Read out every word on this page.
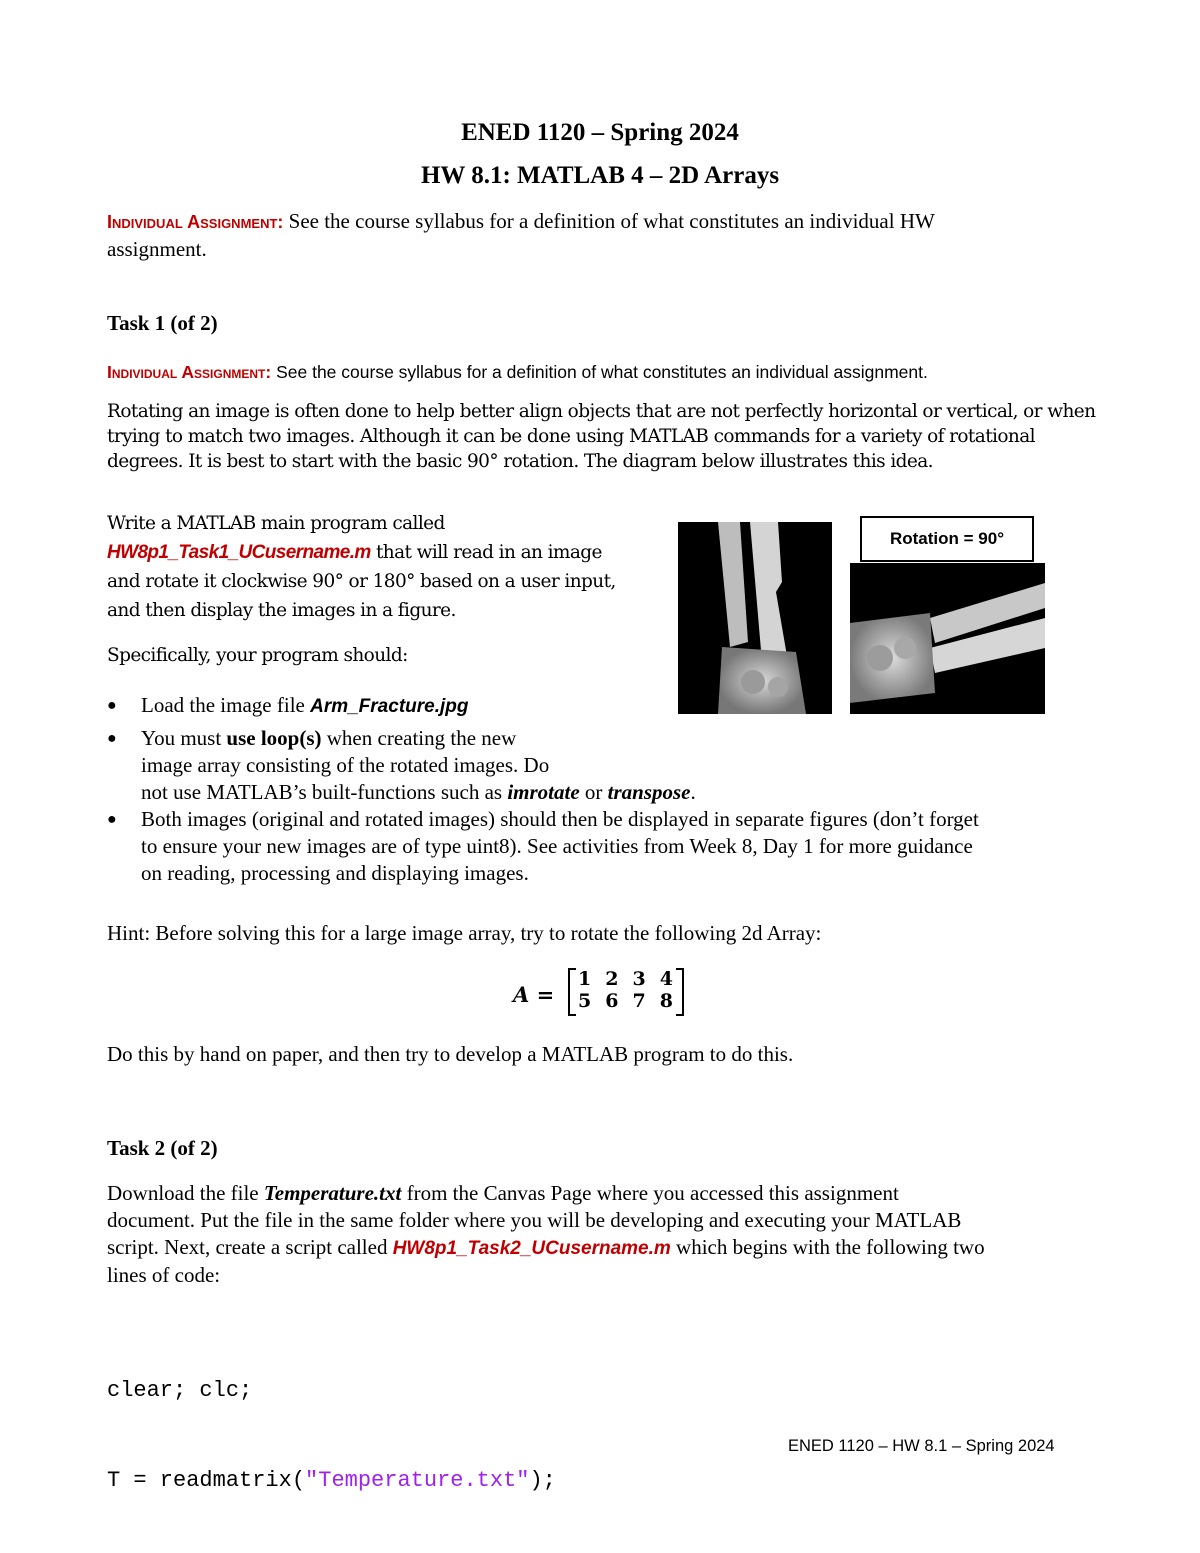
ENED 1120 – Spring 2024
HW 8.1: MATLAB 4 – 2D Arrays
Individual Assignment: See the course syllabus for a definition of what constitutes an individual HW
assignment.
Task 1 (of 2)
Individual Assignment: See the course syllabus for a definition of what constitutes an individual assignment.
Rotating an image is often done to help better align objects that are not perfectly horizontal or vertical, or when
trying to match two images. Although it can be done using MATLAB commands for a variety of rotational
degrees. It is best to start with the basic 90° rotation. The diagram below illustrates this idea.
Write a MATLAB main program called
HW8p1_Task1_UCusername.m that will read in an image
and rotate it clockwise 90° or 180° based on a user input,
and then display the images in a figure.
Specifically, your program should:
Rotation = 90°
● Load the image file Arm_Fracture.jpg
● You must use loop(s) when creating the new
image array consisting of the rotated images. Do
not use MATLAB’s built-functions such as imrotate or transpose.
● Both images (original and rotated images) should then be displayed in separate figures (don’t forget
to ensure your new images are of type uint8). See activities from Week 8, Day 1 for more guidance
on reading, processing and displaying images.
Hint: Before solving this for a large image array, try to rotate the following 2d Array:
A =
1 2 3 4
5 6 7 8
Do this by hand on paper, and then try to develop a MATLAB program to do this.
Task 2 (of 2)
Download the file Temperature.txt from the Canvas Page where you accessed this assignment
document. Put the file in the same folder where you will be developing and executing your MATLAB
script. Next, create a script called HW8p1_Task2_UCusername.m which begins with the following two
lines of code:

clear; clc;

T = readmatrix("Temperature.txt");

ENED 1120 – HW 8.1 – Spring 2024
